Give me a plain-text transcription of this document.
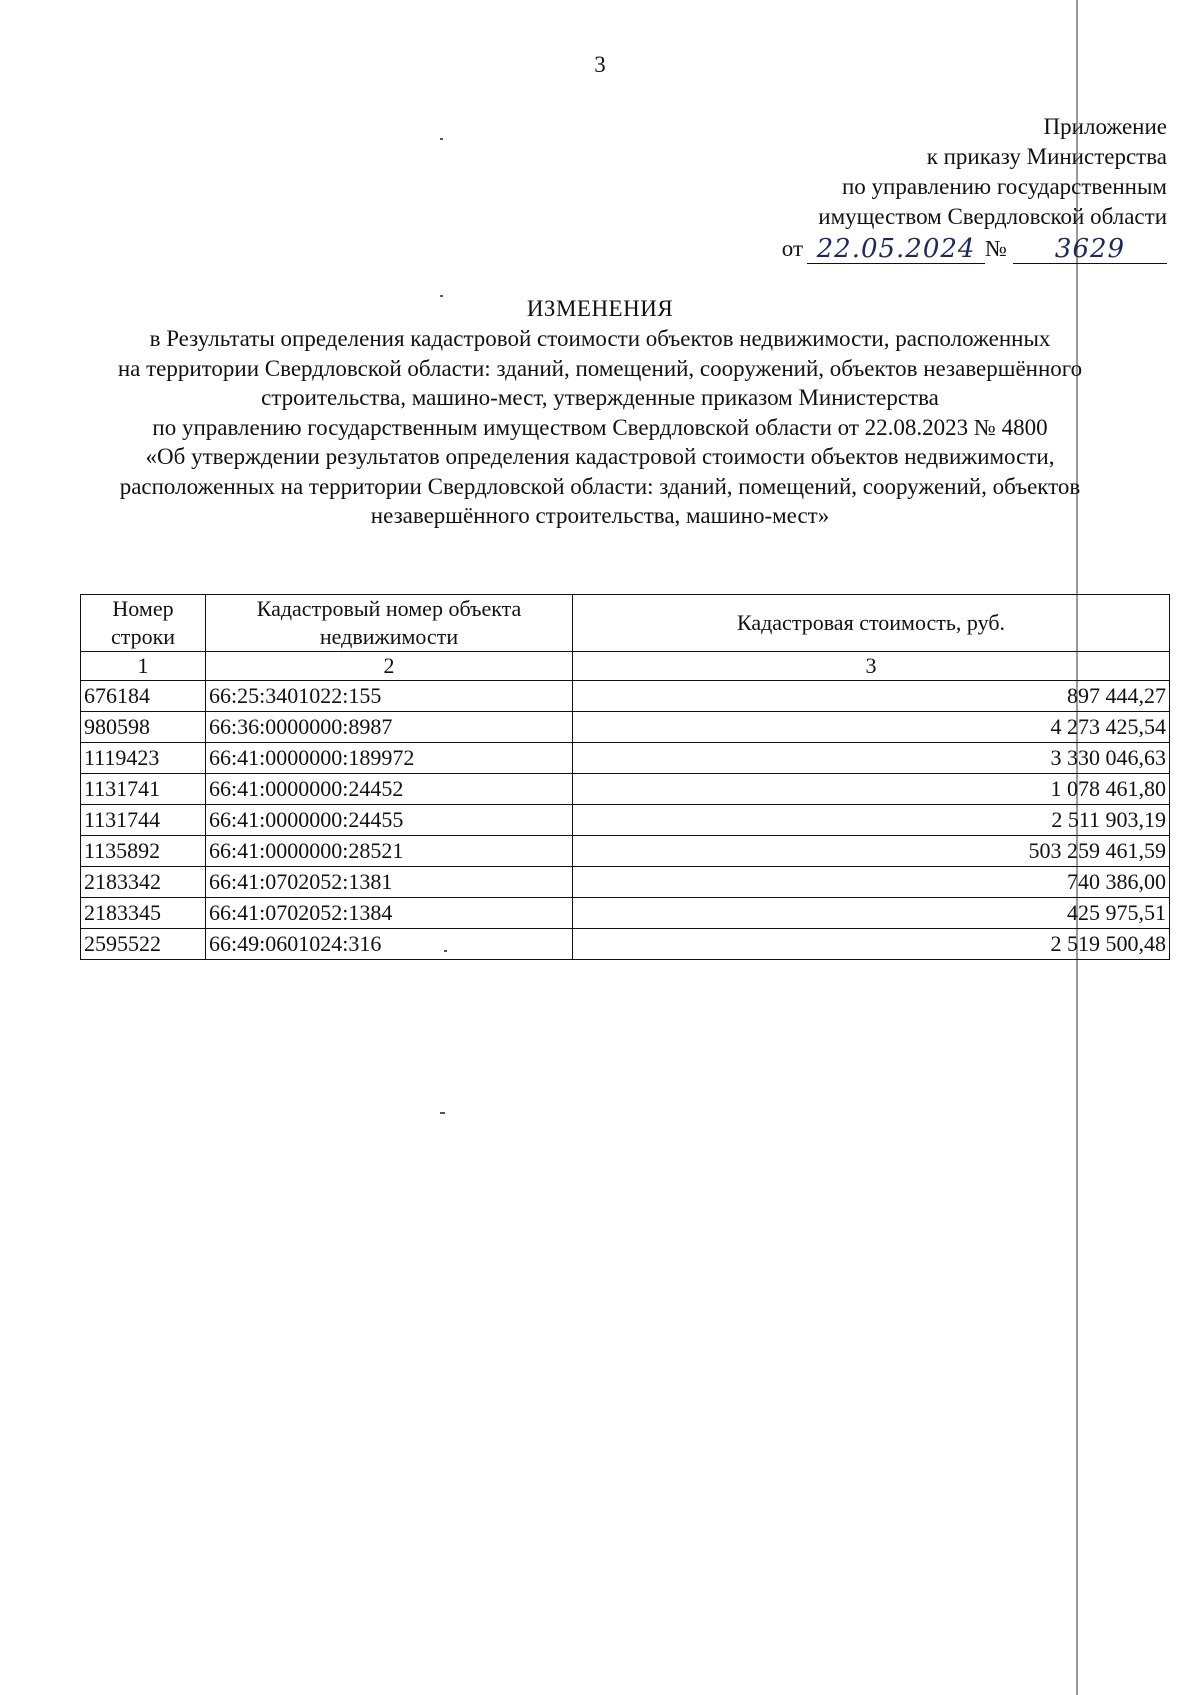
3
Приложение
к приказу Министерства
по управлению государственным
имуществом Свердловской области
от 22.05.2024 №	3629
ИЗМЕНЕНИЯ
в Результаты определения кадастровой стоимости объектов недвижимости, расположенных
на территории Свердловской области: зданий, помещений, сооружений, объектов незавершённого
строительства, машино-мест, утвержденные приказом Министерства
по управлению государственным имуществом Свердловской области от 22.08.2023 № 4800
«Об утверждении результатов определения кадастровой стоимости объектов недвижимости,
расположенных на территории Свердловской области: зданий, помещений, сооружений, объектов
незавершённого строительства, машино-мест»
Номер строки	Кадастровый номер объекта недвижимости	Кадастровая стоимость, руб.
1	2	3
676184	66:25:3401022:155	897 444,27
980598	66:36:0000000:8987	4 273 425,54
1119423	66:41:0000000:189972	3 330 046,63
1131741	66:41:0000000:24452	1 078 461,80
1131744	66:41:0000000:24455	2 511 903,19
1135892	66:41:0000000:28521	503 259 461,59
2183342	66:41:0702052:1381	740 386,00
2183345	66:41:0702052:1384	425 975,51
2595522	66:49:0601024:316	2 519 500,48
